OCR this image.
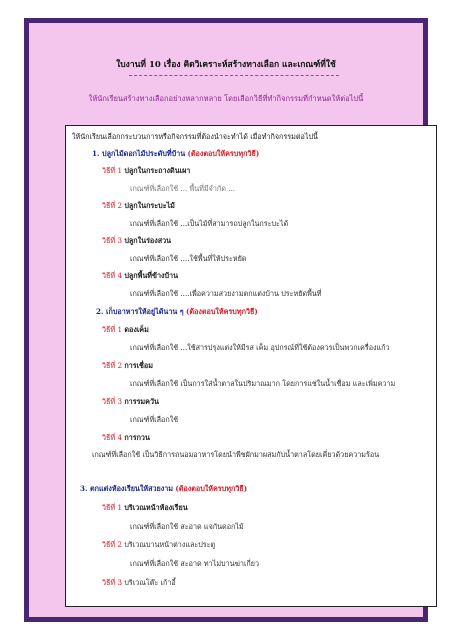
ใบงานที่ 10 เรื่อง คิดวิเคราะห์สร้างทางเลือก และเกณฑ์ที่ใช้
ให้นักเรียนสร้างทางเลือกอย่างหลากหลาย โดยเลือกวิธีที่ทำกิจกรรมที่กำหนดให้ต่อไปนี้
ให้นักเรียนเลือกกระบวนการหรือกิจกรรมที่ต้องนำจะทำได้ เมื่อทำกิจกรรมต่อไปนี้
1. ปลูกไม้ดอกไม้ประดับที่บ้าน (ต้องตอบให้ครบทุกวิธี)
วิธีที่ 1 ปลูกในกระถางดินเผา
เกณฑ์ที่เลือกใช้ ... พื้นที่มีจำกัด ...
วิธีที่ 2 ปลูกในกระบะไม้
เกณฑ์ที่เลือกใช้ ...เป็นไม้ที่สามารถปลูกในกระบะได้
วิธีที่ 3 ปลูกในร่องสวน
เกณฑ์ที่เลือกใช้ ....ใช้พื้นที่ให้ประหยัด
วิธีที่ 4 ปลูกพื้นที่ข้างบ้าน
เกณฑ์ที่เลือกใช้ ....เพื่อความสวยงามตกแต่งบ้าน ประหยัดพื้นที่
2. เก็บอาหารให้อยู่ได้นาน ๆ (ต้องตอบให้ครบทุกวิธี)
วิธีที่ 1 ดองเค็ม
เกณฑ์ที่เลือกใช้ ...ใช้สารปรุงแต่งให้มีรส เค็ม อุปกรณ์ที่ใช้ต้องควรเป็นพวกเครื่องแก้ว
วิธีที่ 2 การเชื่อม
เกณฑ์ที่เลือกใช้ เป็นการใส่น้ำตาลในปริมาณมาก โดยการแช่ในน้ำเชื่อม และเพิ่มความ
วิธีที่ 3 การรมควัน
เกณฑ์ที่เลือกใช้
วิธีที่ 4 การกวน
เกณฑ์ที่เลือกใช้ เป็นวิธีการถนอมอาหารโดยนำพืชผักมาผสมกับน้ำตาลโดยเคี่ยวด้วยความร้อน
3. ตกแต่งห้องเรียนให้สวยงาม (ต้องตอบให้ครบทุกวิธี)
วิธีที่ 1 บริเวณหน้าห้องเรียน
เกณฑ์ที่เลือกใช้ สะอาด แจกันดอกไม้
วิธีที่ 2 บริเวณบานหน้าต่างและประตู
เกณฑ์ที่เลือกใช้ สะอาด ทาไม่บานฆ่าเกี่ยว
วิธีที่ 3 บริเวณโต๊ะ เก้าอี้
